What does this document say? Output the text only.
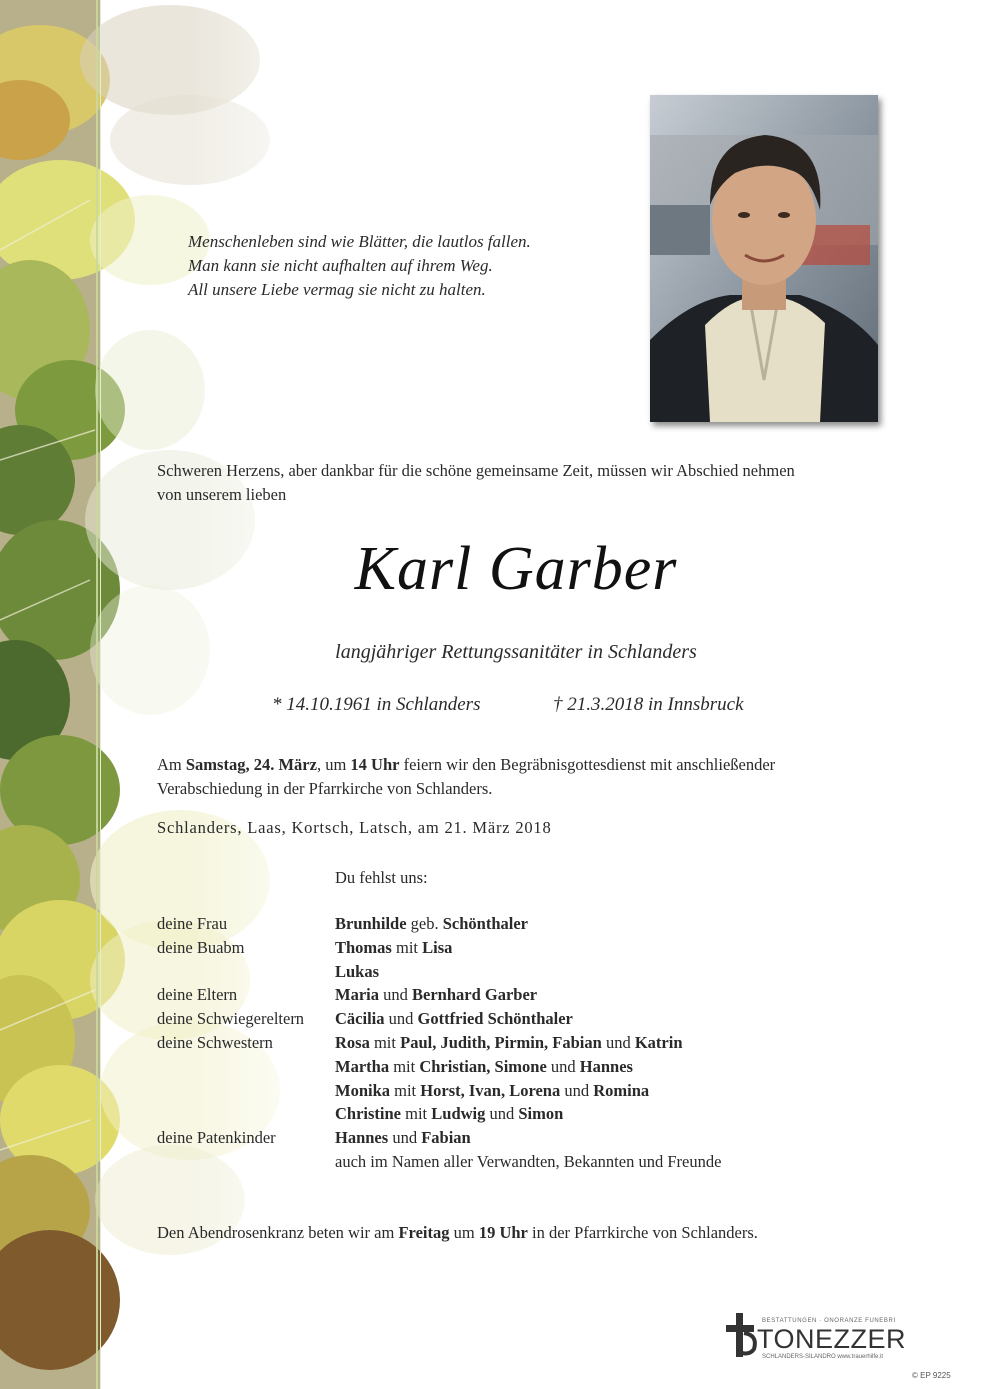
Menschenleben sind wie Blätter, die lautlos fallen.
Man kann sie nicht aufhalten auf ihrem Weg.
All unsere Liebe vermag sie nicht zu halten.
Schweren Herzens, aber dankbar für die schöne gemeinsame Zeit, müssen wir Abschied nehmen
von unserem lieben
Karl Garber
langjähriger Rettungssanitäter in Schlanders
* 14.10.1961 in Schlanders	† 21.3.2018 in Innsbruck
Am Samstag, 24. März, um 14 Uhr feiern wir den Begräbnisgottesdienst mit anschließender
Verabschiedung in der Pfarrkirche von Schlanders.
Schlanders, Laas, Kortsch, Latsch, am 21. März 2018
Du fehlst uns:
deine Frau	Brunhilde geb. Schönthaler
deine Buabm	Thomas mit Lisa
Lukas
deine Eltern	Maria und Bernhard Garber
deine Schwiegereltern Cäcilia und Gottfried Schönthaler
deine Schwestern	Rosa mit Paul, Judith, Pirmin, Fabian und Katrin
Martha mit Christian, Simone und Hannes
Monika mit Horst, Ivan, Lorena und Romina
Christine mit Ludwig und Simon
deine Patenkinder	Hannes und Fabian
auch im Namen aller Verwandten, Bekannten und Freunde
Den Abendrosenkranz beten wir am Freitag um 19 Uhr in der Pfarrkirche von Schlanders.
BESTATTUNGEN · ONORANZE FUNEBRI
TONEZZER
SCHLANDERS-SILANDRO www.trauerhilfe.it
© EP 9225
